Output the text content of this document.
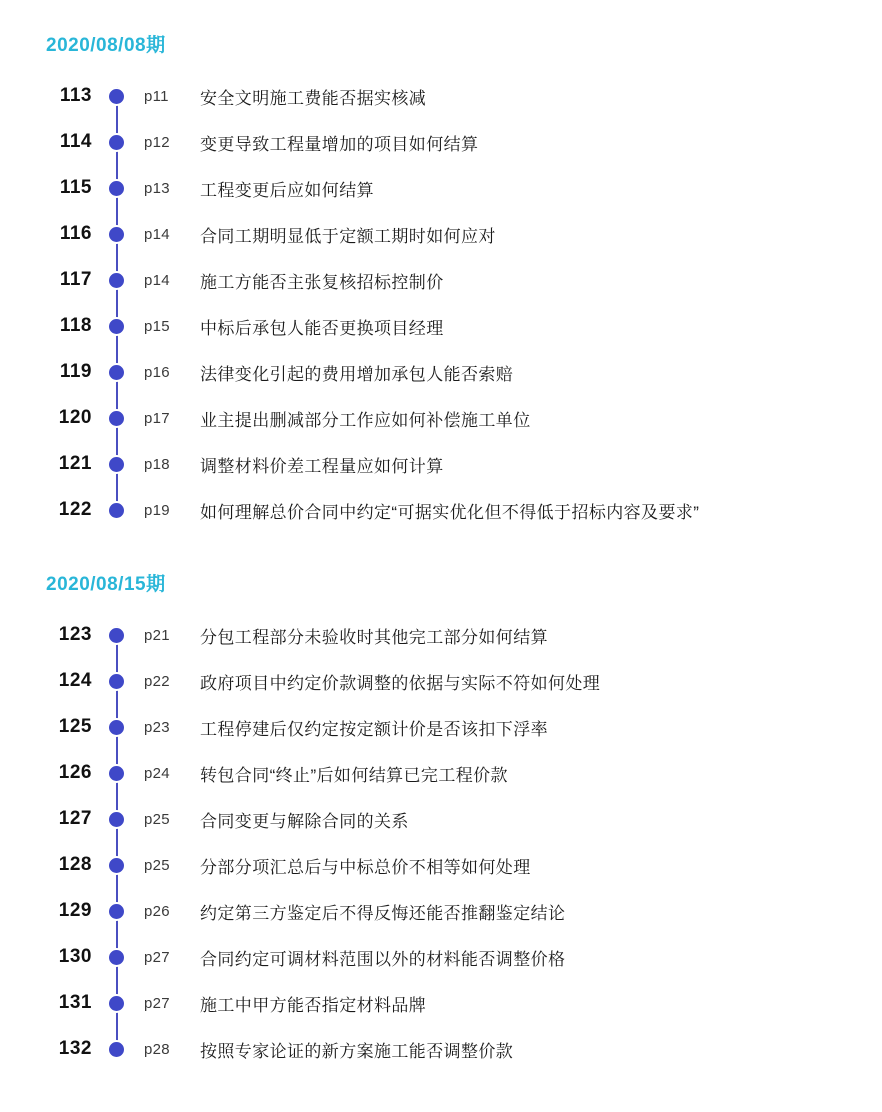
2020/08/08期
113	p11	安全文明施工费能否据实核减
114	p12	变更导致工程量增加的项目如何结算
115	p13	工程变更后应如何结算
116	p14	合同工期明显低于定额工期时如何应对
117	p14	施工方能否主张复核招标控制价
118	p15	中标后承包人能否更换项目经理
119	p16	法律变化引起的费用增加承包人能否索赔
120	p17	业主提出删减部分工作应如何补偿施工单位
121	p18	调整材料价差工程量应如何计算
122	p19	如何理解总价合同中约定“可据实优化但不得低于招标内容及要求”
2020/08/15期
123	p21	分包工程部分未验收时其他完工部分如何结算
124	p22	政府项目中约定价款调整的依据与实际不符如何处理
125	p23	工程停建后仅约定按定额计价是否该扣下浮率
126	p24	转包合同“终止”后如何结算已完工程价款
127	p25	合同变更与解除合同的关系
128	p25	分部分项汇总后与中标总价不相等如何处理
129	p26	约定第三方鉴定后不得反悔还能否推翻鉴定结论
130	p27	合同约定可调材料范围以外的材料能否调整价格
131	p27	施工中甲方能否指定材料品牌
132	p28	按照专家论证的新方案施工能否调整价款
